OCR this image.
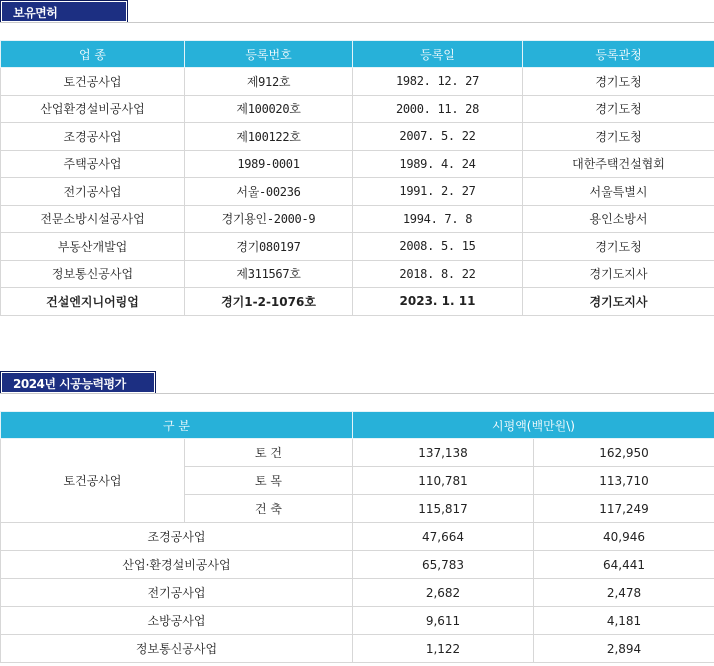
보유면허
업 종	등록번호	등록일	등록관청
토건공사업	제912호	1982. 12. 27	경기도청
산업환경설비공사업	제100020호	2000. 11. 28	경기도청
조경공사업	제100122호	2007. 5. 22	경기도청
주택공사업	1989-0001	1989. 4. 24	대한주택건설협회
전기공사업	서울-00236	1991. 2. 27	서울특별시
전문소방시설공사업	경기용인-2000-9	1994. 7. 8	용인소방서
부동산개발업	경기080197	2008. 5. 15	경기도청
정보통신공사업	제311567호	2018. 8. 22	경기도지사
건설엔지니어링업	경기1-2-1076호	2023. 1. 11	경기도지사
2024년 시공능력평가
구 분		시평액(백만원\)	
토건공사업	토 건	137,138	162,950
	토 목	110,781	113,710
	건 축	115,817	117,249
조경공사업		47,664	40,946
산업·환경설비공사업		65,783	64,441
전기공사업		2,682	2,478
소방공사업		9,611	4,181
정보통신공사업		1,122	2,894
